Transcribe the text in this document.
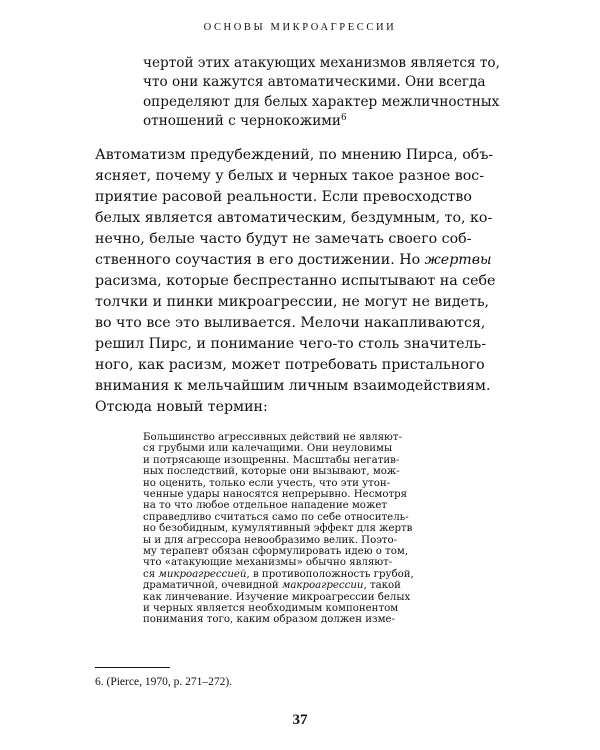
ОСНОВЫ МИКРОАГРЕССИИ
чертой этих атакующих механизмов является то,
что они кажутся автоматическими. Они всегда
определяют для белых характер межличностных
отношений с чернокожими$^6$
Автоматизм предубеждений, по мнению Пирса, объ-
ясняет, почему у белых и черных такое разное вос-
приятие расовой реальности. Если превосходство
белых является автоматическим, бездумным, то, ко-
нечно, белые часто будут не замечать своего соб-
ственного соучастия в его достижении. Но жертвы
расизма, которые беспрестанно испытывают на себе
толчки и пинки микроагрессии, не могут не видеть,
во что все это выливается. Мелочи накапливаются,
решил Пирс, и понимание чего-то столь значитель-
ного, как расизм, может потребовать пристального
внимания к мельчайшим личным взаимодействиям.
Отсюда новый термин:
Большинство агрессивных действий не являют-
ся грубыми или калечащими. Они неуловимы
и потрясающе изощренны. Масштабы негатив-
ных последствий, которые они вызывают, мож-
но оценить, только если учесть, что эти утон-
ченные удары наносятся непрерывно. Несмотря
на то что любое отдельное нападение может
справедливо считаться само по себе относитель-
но безобидным, кумулятивный эффект для жертв
ы и для агрессора невообразимо велик. Поэто-
му терапевт обязан сформулировать идею о том,
что «атакующие механизмы» обычно являют-
ся микроагрессией, в противоположность грубой,
драматичной, очевидной макроагрессии, такой
как линчевание. Изучение микроагрессии белых
и черных является необходимым компонентом
понимания того, каким образом должен изме-
6. (Pierce, 1970, p. 271–272).
37
